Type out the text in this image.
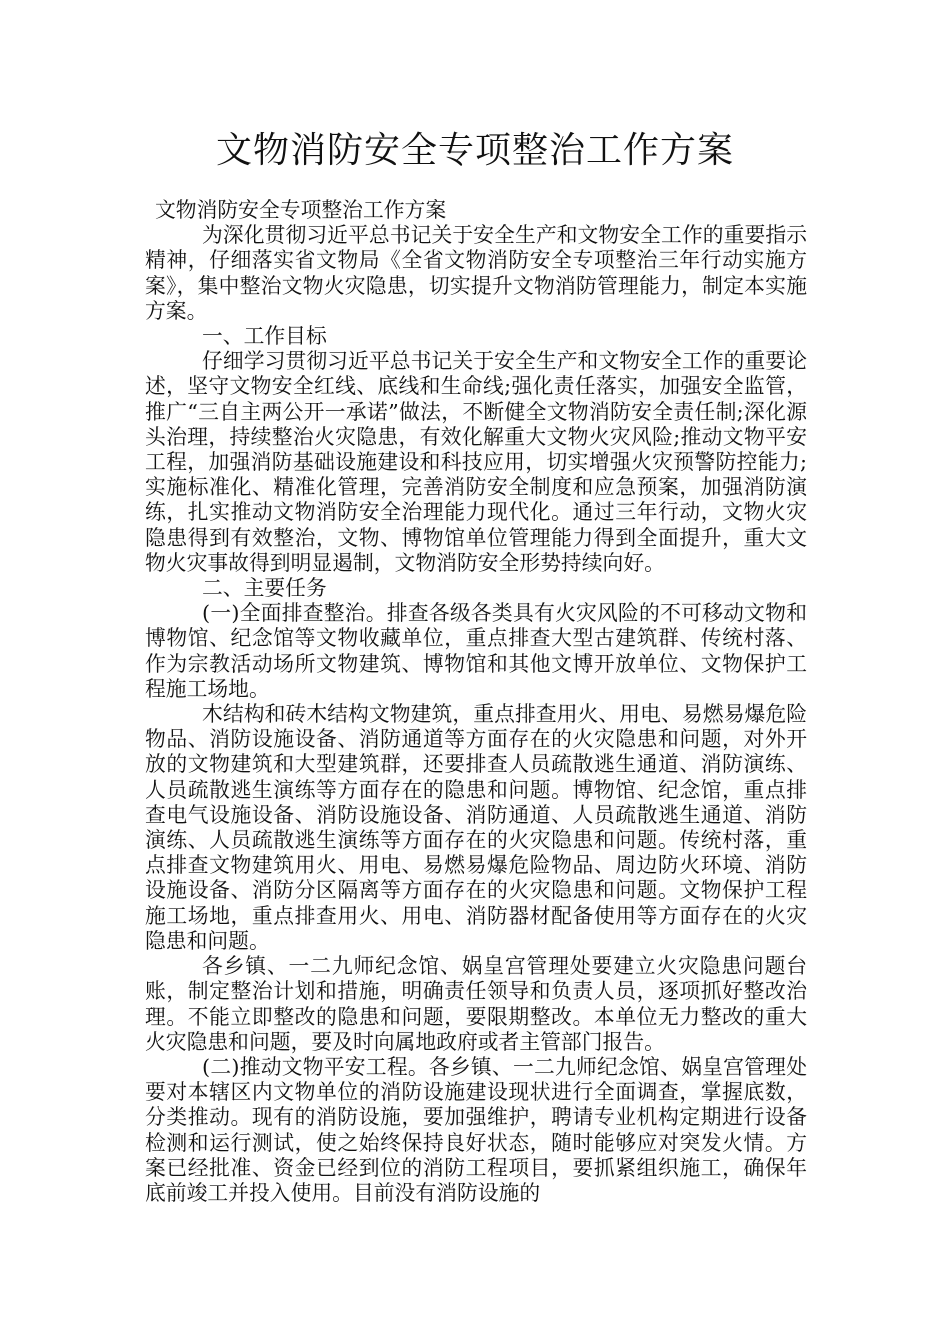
文物消防安全专项整治工作方案

文物消防安全专项整治工作方案

为深化贯彻习近平总书记关于安全生产和文物安全工作的重要指示精神，仔细落实省文物局《全省文物消防安全专项整治三年行动实施方案》，集中整治文物火灾隐患，切实提升文物消防管理能力，制定本实施方案。

一、工作目标

仔细学习贯彻习近平总书记关于安全生产和文物安全工作的重要论述，坚守文物安全红线、底线和生命线;强化责任落实，加强安全监管，推广“三自主两公开一承诺”做法，不断健全文物消防安全责任制;深化源头治理，持续整治火灾隐患，有效化解重大文物火灾风险;推动文物平安工程，加强消防基础设施建设和科技应用，切实增强火灾预警防控能力;实施标准化、精准化管理，完善消防安全制度和应急预案，加强消防演练，扎实推动文物消防安全治理能力现代化。通过三年行动，文物火灾隐患得到有效整治，文物、博物馆单位管理能力得到全面提升，重大文物火灾事故得到明显遏制，文物消防安全形势持续向好。

二、主要任务

(一)全面排查整治。排查各级各类具有火灾风险的不可移动文物和博物馆、纪念馆等文物收藏单位，重点排查大型古建筑群、传统村落、作为宗教活动场所文物建筑、博物馆和其他文博开放单位、文物保护工程施工场地。

木结构和砖木结构文物建筑，重点排查用火、用电、易燃易爆危险物品、消防设施设备、消防通道等方面存在的火灾隐患和问题，对外开放的文物建筑和大型建筑群，还要排查人员疏散逃生通道、消防演练、人员疏散逃生演练等方面存在的隐患和问题。博物馆、纪念馆，重点排查电气设施设备、消防设施设备、消防通道、人员疏散逃生通道、消防演练、人员疏散逃生演练等方面存在的火灾隐患和问题。传统村落，重点排查文物建筑用火、用电、易燃易爆危险物品、周边防火环境、消防设施设备、消防分区隔离等方面存在的火灾隐患和问题。文物保护工程施工场地，重点排查用火、用电、消防器材配备使用等方面存在的火灾隐患和问题。

各乡镇、一二九师纪念馆、娲皇宫管理处要建立火灾隐患问题台账，制定整治计划和措施，明确责任领导和负责人员，逐项抓好整改治理。不能立即整改的隐患和问题，要限期整改。本单位无力整改的重大火灾隐患和问题，要及时向属地政府或者主管部门报告。

(二)推动文物平安工程。各乡镇、一二九师纪念馆、娲皇宫管理处要对本辖区内文物单位的消防设施建设现状进行全面调查，掌握底数，分类推动。现有的消防设施，要加强维护，聘请专业机构定期进行设备检测和运行测试，使之始终保持良好状态，随时能够应对突发火情。方案已经批准、资金已经到位的消防工程项目，要抓紧组织施工，确保年底前竣工并投入使用。目前没有消防设施的
